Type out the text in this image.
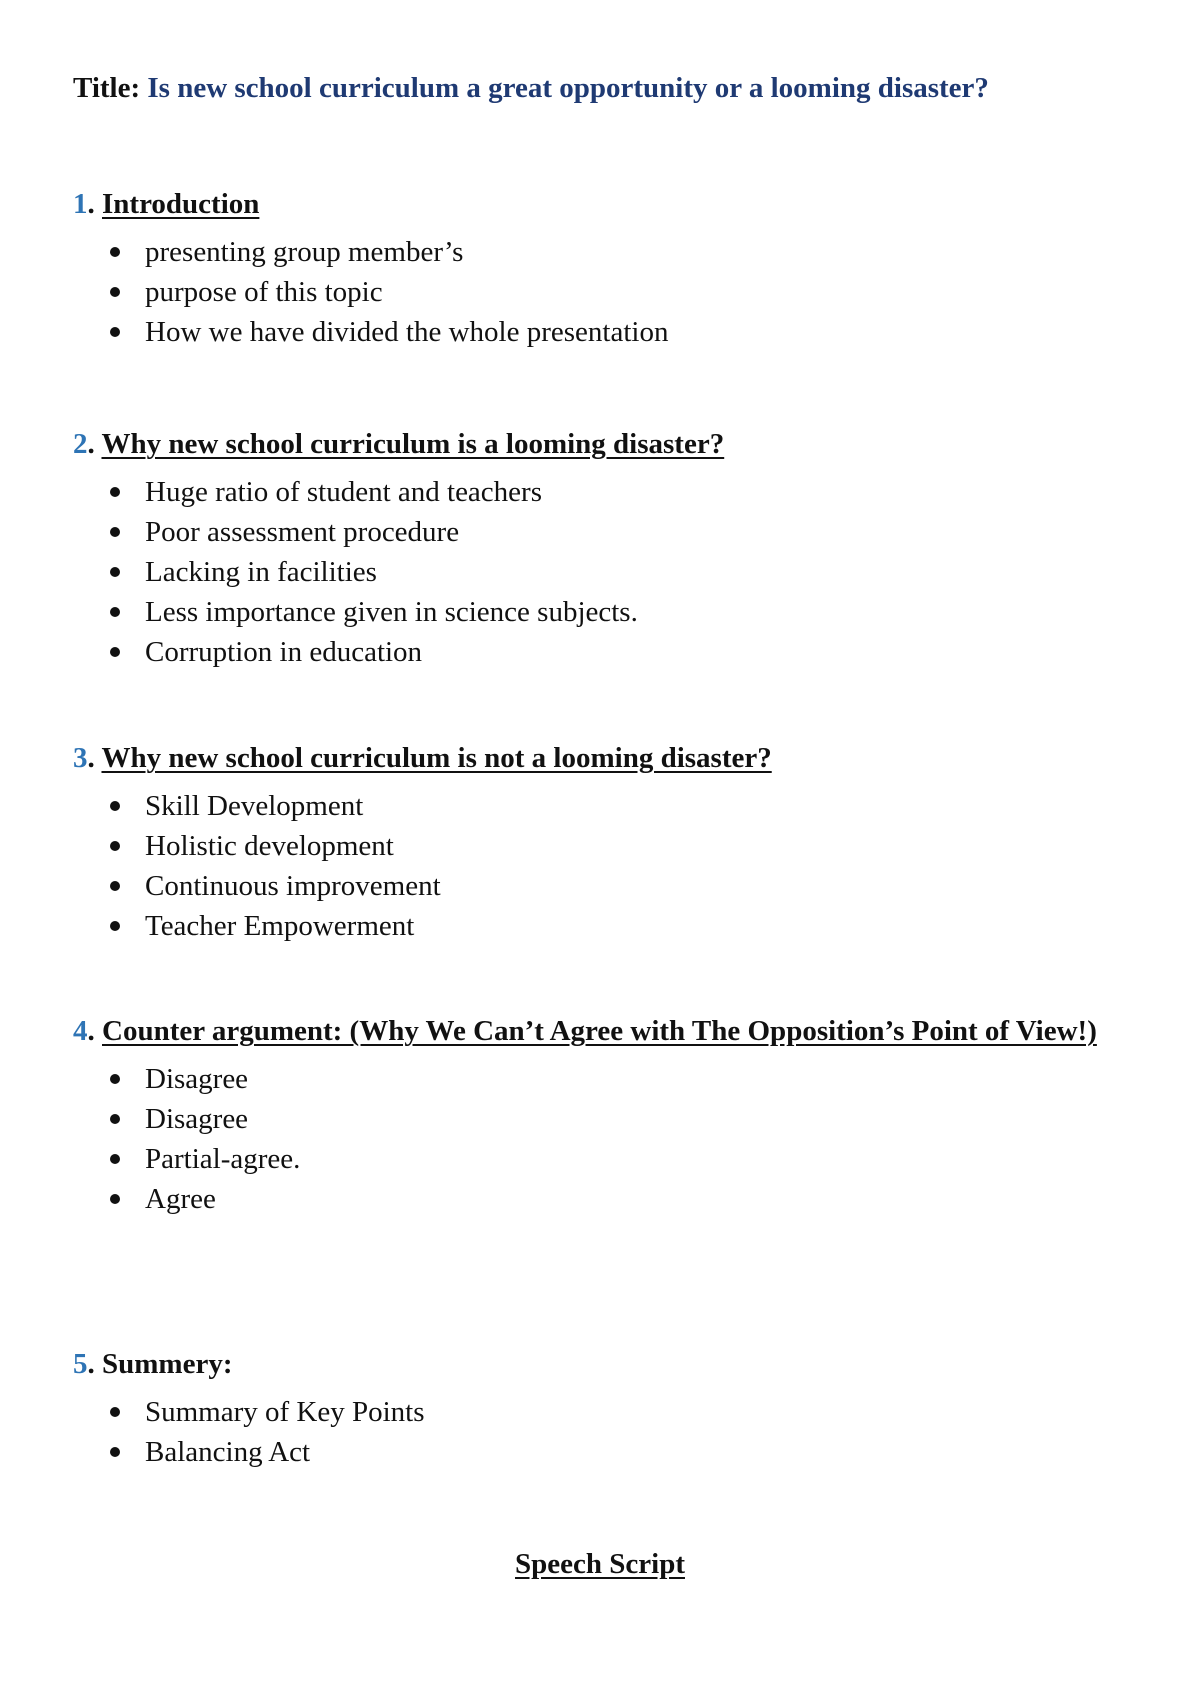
Title: Is new school curriculum a great opportunity or a looming disaster?

1. Introduction

presenting group member’s
purpose of this topic
How we have divided the whole presentation

2. Why new school curriculum is a looming disaster?

Huge ratio of student and teachers
Poor assessment procedure
Lacking in facilities
Less importance given in science subjects.
Corruption in education

3. Why new school curriculum is not a looming disaster?

Skill Development
Holistic development
Continuous improvement
Teacher Empowerment

4. Counter argument: (Why We Can’t Agree with The Opposition’s Point of View!)

Disagree
Disagree
Partial-agree.
Agree

5. Summery:

Summary of Key Points
Balancing Act
Speech Script
